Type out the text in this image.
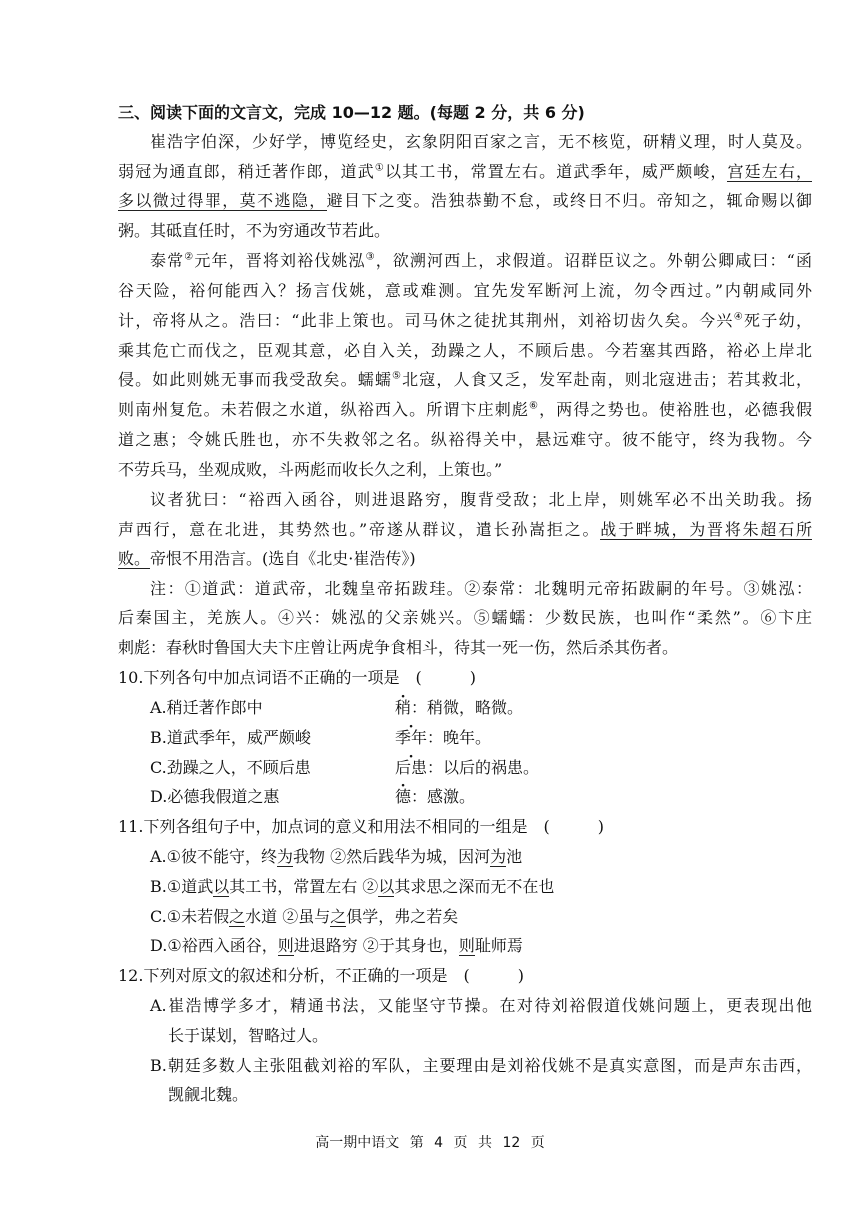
三、阅读下面的文言文，完成 10—12 题。(每题 2 分，共 6 分)
崔浩字伯深，少好学，博览经史，玄象阴阳百家之言，无不核览，研精义理，时人莫及。
弱冠为通直郎，稍迁著作郎，道武①以其工书，常置左右。道武季年，威严颇峻，宫廷左右，
多以微过得罪，莫不逃隐，避目下之变。浩独恭勤不怠，或终日不归。帝知之，辄命赐以御
粥。其砥直任时，不为穷通改节若此。
泰常②元年，晋将刘裕伐姚泓③，欲溯河西上，求假道。诏群臣议之。外朝公卿咸曰：“函
谷天险，裕何能西入？扬言伐姚，意或难测。宜先发军断河上流，勿令西过。”内朝咸同外
计，帝将从之。浩曰：“此非上策也。司马休之徒扰其荆州，刘裕切齿久矣。今兴④死子幼，
乘其危亡而伐之，臣观其意，必自入关，劲躁之人，不顾后患。今若塞其西路，裕必上岸北
侵。如此则姚无事而我受敌矣。蠕蠕⑤北寇，人食又乏，发军赴南，则北寇进击；若其救北，
则南州复危。未若假之水道，纵裕西入。所谓卞庄刺彪⑥，两得之势也。使裕胜也，必德我假
道之惠；令姚氏胜也，亦不失救邻之名。纵裕得关中，悬远难守。彼不能守，终为我物。今
不劳兵马，坐观成败，斗两彪而收长久之利，上策也。”
议者犹曰：“裕西入函谷，则进退路穷，腹背受敌；北上岸，则姚军必不出关助我。扬
声西行，意在北进，其势然也。”帝遂从群议，遣长孙嵩拒之。战于畔城，为晋将朱超石所
败。帝恨不用浩言。(选自《北史·崔浩传》)
注：①道武：道武帝，北魏皇帝拓跋珪。②泰常：北魏明元帝拓跋嗣的年号。③姚泓：
后秦国主，羌族人。④兴：姚泓的父亲姚兴。⑤蠕蠕：少数民族，也叫作“柔然”。⑥卞庄
刺彪：春秋时鲁国大夫卞庄曾让两虎争食相斗，待其一死一伤，然后杀其伤者。
10.下列各句中加点词语不正确的一项是　 (　　　)
A.稍迁著作郎中	稍：稍微，略微。
B.道武季年，威严颇峻	季年：晚年。
C.劲躁之人，不顾后患	后患：以后的祸患。
D.必德我假道之惠	德：感激。
11.下列各组句子中，加点词的意义和用法不相同的一组是　 (　　　)
A.①彼不能守，终为我物 ②然后践华为城，因河为池
B.①道武以其工书，常置左右 ②以其求思之深而无不在也
C.①未若假之水道 ②虽与之俱学，弗之若矣
D.①裕西入函谷，则进退路穷 ②于其身也，则耻师焉
12.下列对原文的叙述和分析，不正确的一项是　 (　　　)
A.崔浩博学多才，精通书法，又能坚守节操。在对待刘裕假道伐姚问题上，更表现出他
长于谋划，智略过人。
B.朝廷多数人主张阻截刘裕的军队，主要理由是刘裕伐姚不是真实意图，而是声东击西，
觊觎北魏。
高一期中语文 第 4 页 共 12 页
